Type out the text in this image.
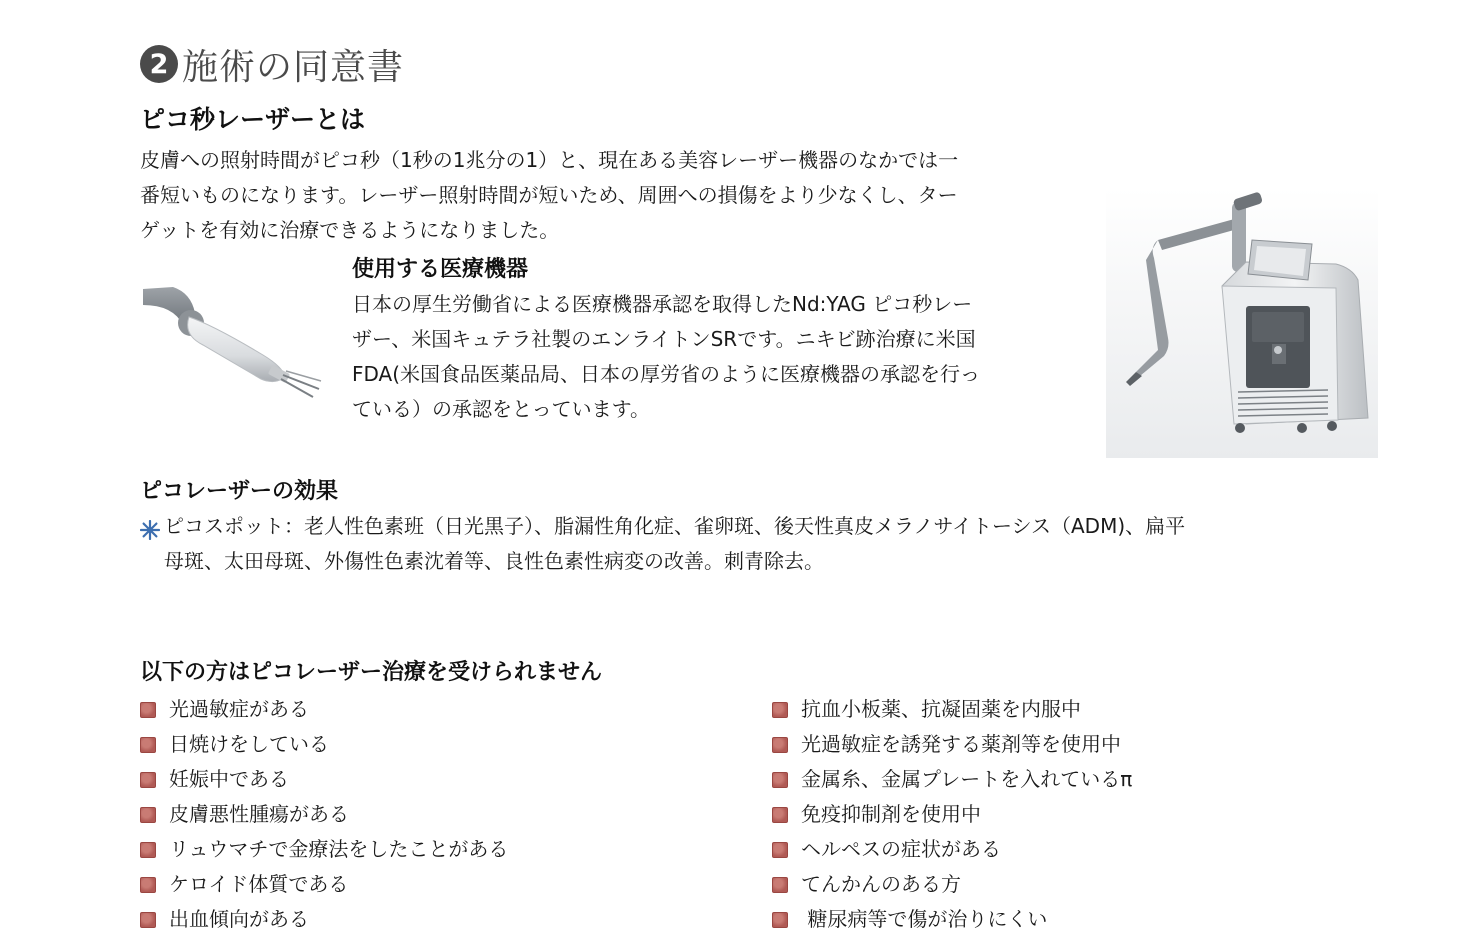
2 施術の同意書
ピコ秒レーザーとは
皮膚への照射時間がピコ秒（1秒の1兆分の1）と、現在ある美容レーザー機器のなかでは一
番短いものになります。レーザー照射時間が短いため、周囲への損傷をより少なくし、ター
ゲットを有効に治療できるようになりました。
使用する医療機器
日本の厚生労働省による医療機器承認を取得したNd:YAG ピコ秒レー
ザー、米国キュテラ社製のエンライトンSRです。ニキビ跡治療に米国
FDA(米国食品医薬品局、日本の厚労省のように医療機器の承認を行っ
ている）の承認をとっています。
ピコレーザーの効果
ピコスポット：老人性色素班（日光黒子）、脂漏性角化症、雀卵斑、後天性真皮メラノサイトーシス（ADM)、扁平
母斑、太田母斑、外傷性色素沈着等、良性色素性病変の改善。刺青除去。
以下の方はピコレーザー治療を受けられません
光過敏症がある
日焼けをしている
妊娠中である
皮膚悪性腫瘍がある
リュウマチで金療法をしたことがある
ケロイド体質である
出血傾向がある
抗血小板薬、抗凝固薬を内服中
光過敏症を誘発する薬剤等を使用中
金属糸、金属プレートを入れているπ
免疫抑制剤を使用中
ヘルペスの症状がある
てんかんのある方
糖尿病等で傷が治りにくい
